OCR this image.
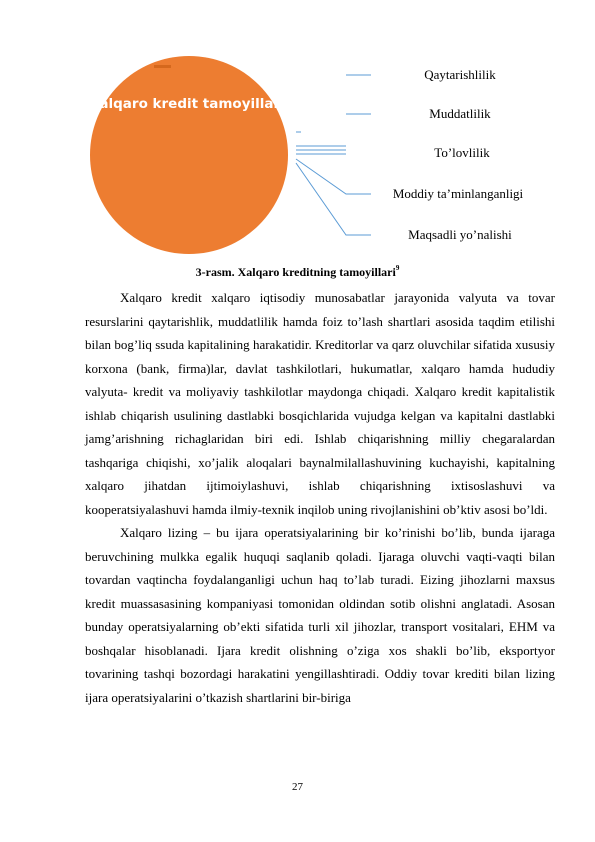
Xalqaro kredit tamoyillari
Qaytarishlilik
Muddatlilik
To’lovlilik
Moddiy ta’minlanganligi
Maqsadli yo’nalishi
3-rasm. Xalqaro kreditning tamoyillari$^9$

Xalqaro kredit xalqaro iqtisodiy munosabatlar jarayonida valyuta va tovar resurslarini qaytarishlik, muddatlilik hamda foiz to’lash shartlari asosida taqdim etilishi bilan bog’liq ssuda kapitalining harakatidir. Kreditorlar va qarz oluvchilar sifatida xususiy korxona (bank, firma)lar, davlat tashkilotlari, hukumatlar, xalqaro hamda hududiy valyuta- kredit va moliyaviy tashkilotlar maydonga chiqadi. Xalqaro kredit kapitalistik ishlab chiqarish usulining dastlabki bosqichlarida vujudga kelgan va kapitalni dastlabki jamg’arishning richaglaridan biri edi. Ishlab chiqarishning milliy chegaralardan tashqariga chiqishi, xo’jalik aloqalari baynalmilallashuvining kuchayishi, kapitalning xalqaro jihatdan ijtimoiylashuvi, ishlab chiqarishning ixtisoslashuvi va kooperatsiyalashuvi hamda ilmiy-texnik inqilob uning rivojlanishini ob’ktiv asosi bo’ldi.

Xalqaro lizing – bu ijara operatsiyalarining bir ko’rinishi bo’lib, bunda ijaraga beruvchining mulkka egalik huquqi saqlanib qoladi. Ijaraga oluvchi vaqti-vaqti bilan tovardan vaqtincha foydalanganligi uchun haq to’lab turadi. Eizing jihozlarni maxsus kredit muassasasining kompaniyasi tomonidan oldindan sotib olishni anglatadi. Asosan bunday operatsiyalarning ob’ekti sifatida turli xil jihozlar, transport vositalari, EHM va boshqalar hisoblanadi. Ijara kredit olishning o’ziga xos shakli bo’lib, eksportyor tovarining tashqi bozordagi harakatini yengillashtiradi. Oddiy tovar krediti bilan lizing ijara operatsiyalarini o’tkazish shartlarini bir-biriga

27
